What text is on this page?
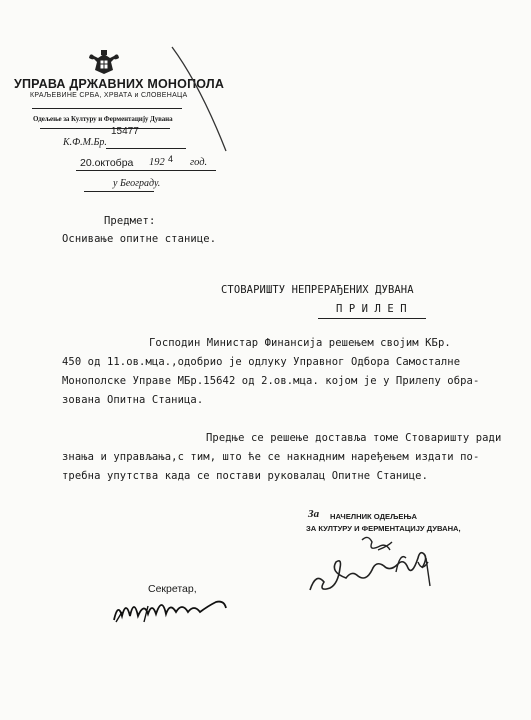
УПРАВА ДРЖАВНИХ МОНОПОЛА
КРАЉЕВИНЕ СРБА, ХРВАТА и СЛОВЕНАЦА
Одељење за Културу и Ферментацију Дувана
15477
К.Ф.М.Бр.
20.октобра 192 4 год.
у Београду.
Предмет:
Оснивање опитне станице.
СТОВАРИШТУ НЕПРЕРАЂЕНИХ ДУВАНА
П Р И Л Е П
Господин Министар Финансија решењем својим КБр.
450 од 11.ов.мца.,одобрио је одлуку Управног Одбора Самосталне
Монополске Управе МБр.15642 од 2.ов.мца. којом је у Прилепу обра-
зована Опитна Станица.
Предње се решење доставља томе Стоваришту ради
знања и управљања,с тим, што ће се накнадним наређењем издати по-
требна упутства када се постави руковалац Опитне Станице.
За НАЧЕЛНИК ОДЕЉЕЊА
ЗА КУЛТУРУ И ФЕРМЕНТАЦИЈУ ДУВАНА,
Секретар,
